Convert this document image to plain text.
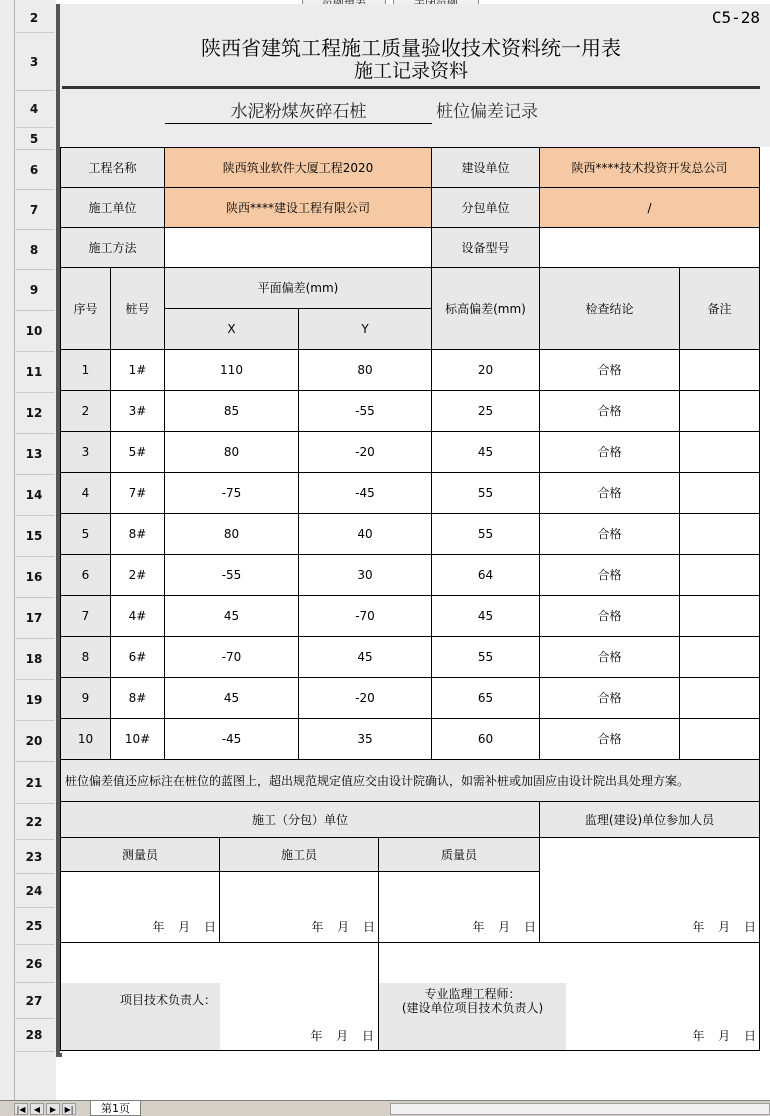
2
3
4
5
6
7
8
9
10
11
12
13
14
15
16
17
18
19
20
21
22
23
24
25
26
27
28
C5-28
陕西省建筑工程施工质量验收技术资料统一用表
施工记录资料
水泥粉煤灰碎石桩	桩位偏差记录
工程名称	陕西筑业软件大厦工程2020	建设单位	陕西****技术投资开发总公司
施工单位	陕西****建设工程有限公司	分包单位	/
施工方法	设备型号
序号	桩号
平面偏差(mm)
X	Y
标高偏差(mm)	检查结论	备注
1	1#	110	80	20	合格
2	3#	85	-55	25	合格
3	5#	80	-20	45	合格
4	7#	-75	-45	55	合格
5	8#	80	40	55	合格
6	2#	-55	30	64	合格
7	4#	45	-70	45	合格
8	6#	-70	45	55	合格
9	8#	45	-20	65	合格
10	10#	-45	35	60	合格
桩位偏差值还应标注在桩位的蓝图上，超出规范规定值应交由设计院确认，如需补桩或加固应由设计院出具处理方案。
施工（分包）单位	监理(建设)单位参加人员
测量员	施工员	质量员
年 月 日	年 月 日	年 月 日	年 月 日
项目技术负责人：	专业监理工程师：
(建设单位项目技术负责人)
年 月 日	年 月 日
|◀	◀	▶	▶|	第1页
